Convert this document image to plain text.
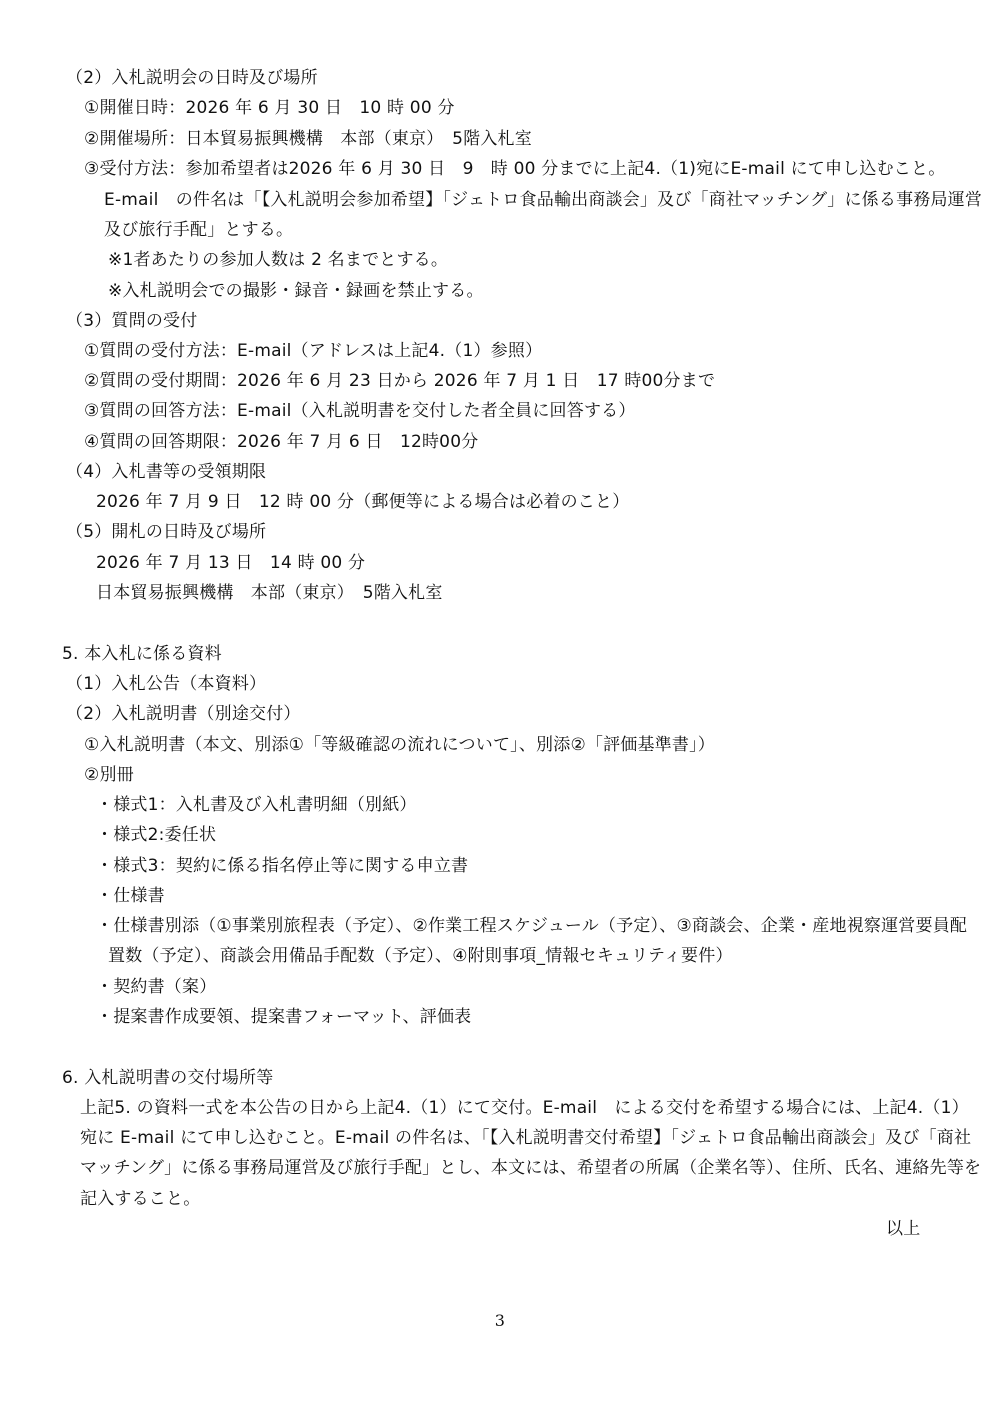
（2）入札説明会の日時及び場所
①開催日時：2026 年 6 月 30 日　10 時 00 分
②開催場所：日本貿易振興機構　本部（東京）　5階入札室
③受付方法：参加希望者は2026 年 6 月 30 日　9　時 00 分までに上記4.（1)宛にE-mail にて申し込むこと。
E-mail　の件名は「【入札説明会参加希望】「ジェトロ食品輸出商談会」及び「商社マッチング」に係る事務局運営
及び旅行手配」とする。
※1者あたりの参加人数は 2 名までとする。
※入札説明会での撮影・録音・録画を禁止する。
（3）質問の受付
①質問の受付方法：E-mail（アドレスは上記4.（1）参照）
②質問の受付期間：2026 年 6 月 23 日から 2026 年 7 月 1 日　17 時00分まで
③質問の回答方法：E-mail（入札説明書を交付した者全員に回答する）
④質問の回答期限：2026 年 7 月 6 日　12時00分
（4）入札書等の受領期限
2026 年 7 月 9 日　12 時 00 分（郵便等による場合は必着のこと）
（5）開札の日時及び場所
2026 年 7 月 13 日　14 時 00 分
日本貿易振興機構　本部（東京）　5階入札室
5. 本入札に係る資料
（1）入札公告（本資料）
（2）入札説明書（別途交付）
①入札説明書（本文、別添①「等級確認の流れについて」、別添②「評価基準書」）
②別冊
・様式1：入札書及び入札書明細（別紙）
・様式2:委任状
・様式3：契約に係る指名停止等に関する申立書
・仕様書
・仕様書別添（①事業別旅程表（予定）、②作業工程スケジュール（予定）、③商談会、企業・産地視察運営要員配
置数（予定）、商談会用備品手配数（予定）、④附則事項_情報セキュリティ要件）
・契約書（案）
・提案書作成要領、提案書フォーマット、評価表
6. 入札説明書の交付場所等
上記5. の資料一式を本公告の日から上記4.（1）にて交付。E-mail　による交付を希望する場合には、上記4.（1）
宛に E-mail にて申し込むこと。E-mail の件名は、「【入札説明書交付希望】「ジェトロ食品輸出商談会」及び「商社
マッチング」に係る事務局運営及び旅行手配」とし、本文には、希望者の所属（企業名等）、住所、氏名、連絡先等を
記入すること。
以上
3
